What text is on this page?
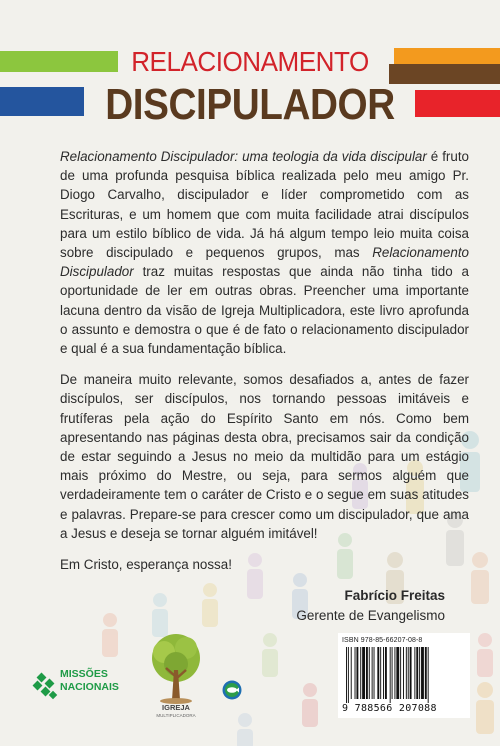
RELACIONAMENTO
DISCIPULADOR

Relacionamento Discipulador: uma teologia da vida discipular é fruto de uma profunda pesquisa bíblica realizada pelo meu amigo Pr. Diogo Carvalho, discipulador e líder comprometido com as Escrituras, e um homem que com muita facilidade atrai discípulos para um estilo bíblico de vida. Já há algum tempo leio muita coisa sobre discipulado e pequenos grupos, mas Relacionamento Discipulador traz muitas respostas que ainda não tinha tido a oportunidade de ler em outras obras. Preencher uma importante lacuna dentro da visão de Igreja Multiplicadora, este livro aprofunda o assunto e demostra o que é de fato o relacionamento discipulador e qual é a sua fundamentação bíblica.

De maneira muito relevante, somos desafiados a, antes de fazer discípulos, ser discípulos, nos tornando pessoas imitáveis e frutíferas pela ação do Espírito Santo em nós. Como bem apresentando nas páginas desta obra, precisamos sair da condição de estar seguindo a Jesus no meio da multidão para um estágio mais próximo do Mestre, ou seja, para sermos alguém que verdadeiramente tem o caráter de Cristo e o segue em suas atitudes e palavras. Prepare-se para crescer como um discipulador, que ama a Jesus e deseja se tornar alguém imitável!

Em Cristo, esperança nossa!

Fabrício Freitas
Gerente de Evangelismo
MISSÕES
NACIONAIS
IGREJA
MULTIPLICADORA
ISBN 978-85-66207-08-8
9 788566 207088
